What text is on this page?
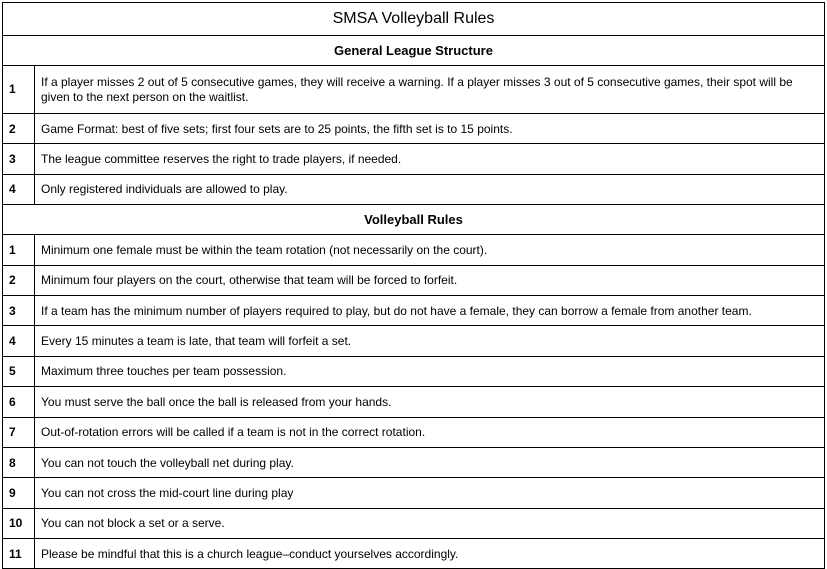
SMSA Volleyball Rules	
General League Structure	
1	If a player misses 2 out of 5 consecutive games, they will receive a warning. If a player misses 3 out of 5 consecutive games, their spot will be given to the next person on the waitlist.
2	Game Format: best of five sets; first four sets are to 25 points, the fifth set is to 15 points.
3	The league committee reserves the right to trade players, if needed.
4	Only registered individuals are allowed to play.
Volleyball Rules	
1	Minimum one female must be within the team rotation (not necessarily on the court).
2	Minimum four players on the court, otherwise that team will be forced to forfeit.
3	If a team has the minimum number of players required to play, but do not have a female, they can borrow a female from another team.
4	Every 15 minutes a team is late, that team will forfeit a set.
5	Maximum three touches per team possession.
6	You must serve the ball once the ball is released from your hands.
7	Out-of-rotation errors will be called if a team is not in the correct rotation.
8	You can not touch the volleyball net during play.
9	You can not cross the mid-court line during play
10	You can not block a set or a serve.
11	Please be mindful that this is a church league–conduct yourselves accordingly.
